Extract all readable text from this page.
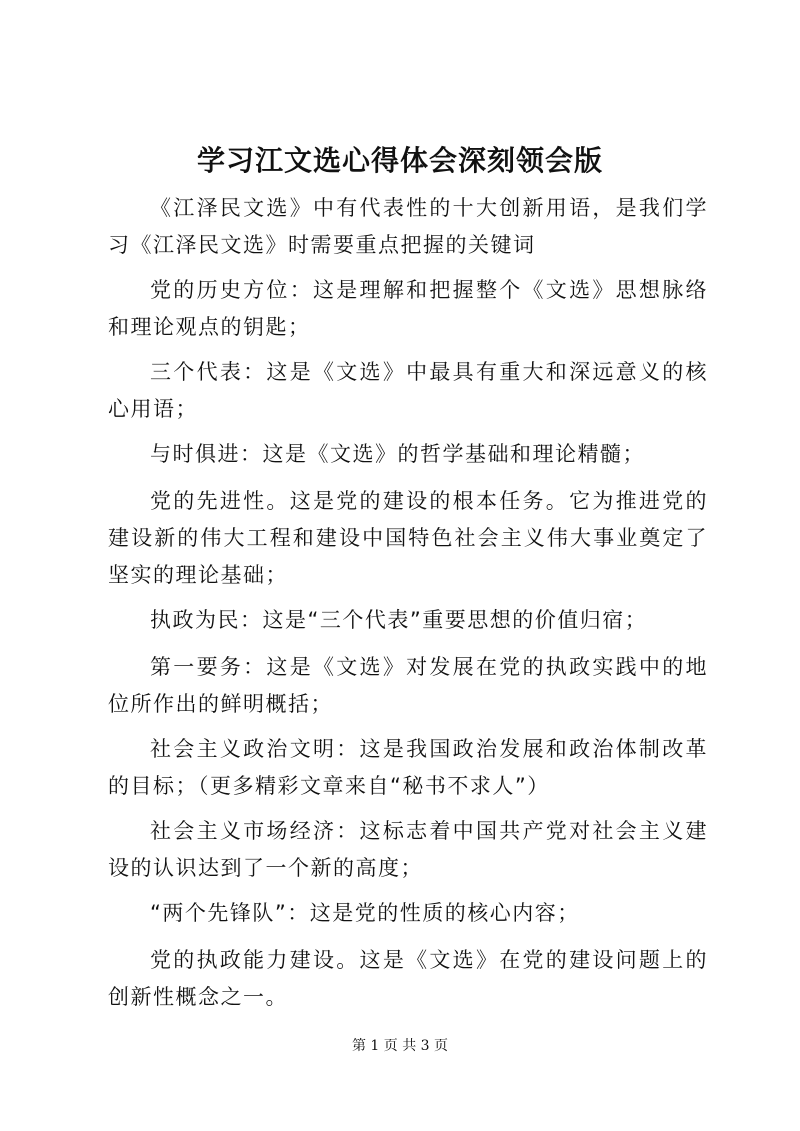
学习江文选心得体会深刻领会版

《江泽民文选》中有代表性的十大创新用语，是我们学习《江泽民文选》时需要重点把握的关键词

党的历史方位：这是理解和把握整个《文选》思想脉络和理论观点的钥匙；

三个代表：这是《文选》中最具有重大和深远意义的核心用语；

与时俱进：这是《文选》的哲学基础和理论精髓；

党的先进性。这是党的建设的根本任务。它为推进党的建设新的伟大工程和建设中国特色社会主义伟大事业奠定了坚实的理论基础；

执政为民：这是“三个代表”重要思想的价值归宿；

第一要务：这是《文选》对发展在党的执政实践中的地位所作出的鲜明概括；

社会主义政治文明：这是我国政治发展和政治体制改革的目标；（更多精彩文章来自“秘书不求人”）

社会主义市场经济：这标志着中国共产党对社会主义建设的认识达到了一个新的高度；

“两个先锋队”：这是党的性质的核心内容；

党的执政能力建设。这是《文选》在党的建设问题上的创新性概念之一。

第 1 页 共 3 页
